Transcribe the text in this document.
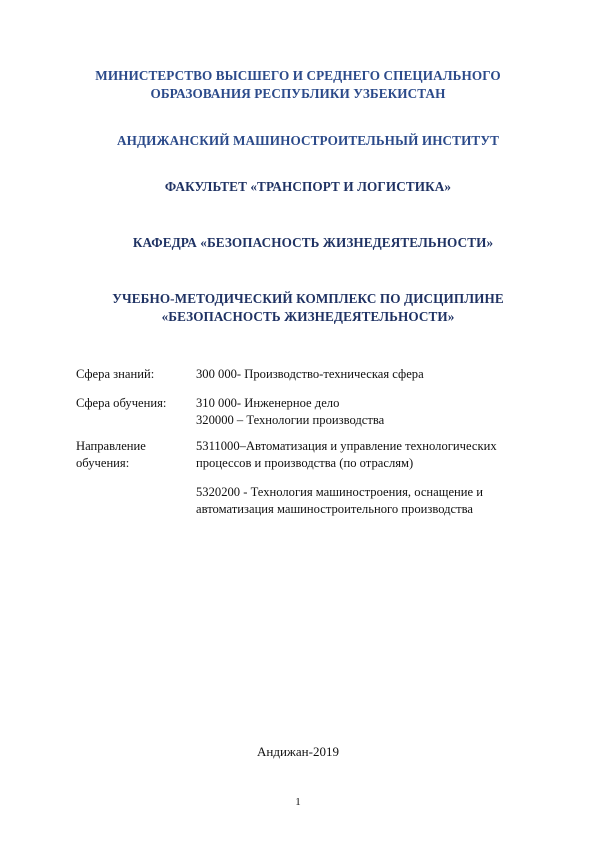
МИНИСТЕРСТВО ВЫСШЕГО И СРЕДНЕГО СПЕЦИАЛЬНОГО
ОБРАЗОВАНИЯ РЕСПУБЛИКИ УЗБЕКИСТАН
АНДИЖАНСКИЙ МАШИНОСТРОИТЕЛЬНЫЙ ИНСТИТУТ
ФАКУЛЬТЕТ «ТРАНСПОРТ И ЛОГИСТИКА»
КАФЕДРА «БЕЗОПАСНОСТЬ ЖИЗНЕДЕЯТЕЛЬНОСТИ»
УЧЕБНО-МЕТОДИЧЕСКИЙ КОМПЛЕКС ПО ДИСЦИПЛИНЕ
«БЕЗОПАСНОСТЬ ЖИЗНЕДЕЯТЕЛЬНОСТИ»
Сфера знаний:	300 000- Производство-техническая сфера
Сфера обучения:	310 000- Инженерное дело
320000 – Технологии производства
Направление
обучения:
5311000–Автоматизация и управление технологических
процессов и производства (по отраслям)
5320200 - Технология машиностроения, оснащение и
автоматизация машиностроительного производства
Андижан-2019
1
